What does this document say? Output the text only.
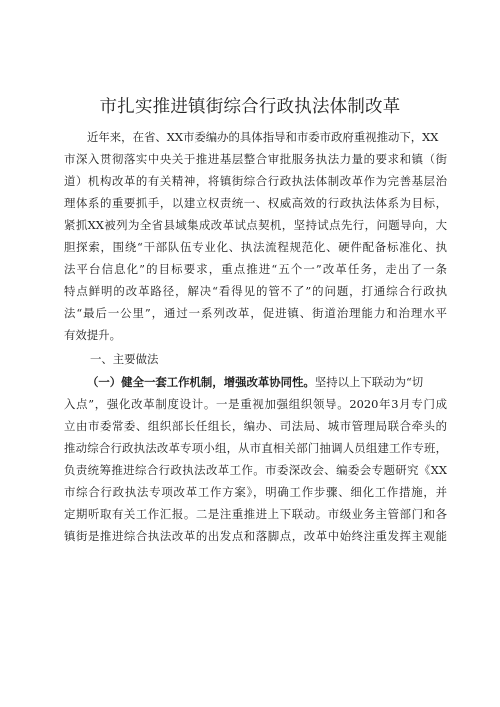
市扎实推进镇街综合行政执法体制改革
近年来，在省、XX市委编办的具体指导和市委市政府重视推动下，XX
市深入贯彻落实中央关于推进基层整合审批服务执法力量的要求和镇（街
道）机构改革的有关精神，将镇街综合行政执法体制改革作为完善基层治
理体系的重要抓手，以建立权责统一、权威高效的行政执法体系为目标，
紧抓XX被列为全省县域集成改革试点契机，坚持试点先行，问题导向，大
胆探索，围绕“干部队伍专业化、执法流程规范化、硬件配备标准化、执
法平台信息化”的目标要求，重点推进“五个一”改革任务，走出了一条
特点鲜明的改革路径，解决“看得见的管不了”的问题，打通综合行政执
法“最后一公里”，通过一系列改革，促进镇、街道治理能力和治理水平
有效提升。
一、主要做法
（一）健全一套工作机制，增强改革协同性。坚持以上下联动为“切
入点”，强化改革制度设计。一是重视加强组织领导。2020年3月专门成
立由市委常委、组织部长任组长，编办、司法局、城市管理局联合牵头的
推动综合行政执法改革专项小组，从市直相关部门抽调人员组建工作专班，
负责统筹推进综合行政执法改革工作。市委深改会、编委会专题研究《XX
市综合行政执法专项改革工作方案》，明确工作步骤、细化工作措施，并
定期听取有关工作汇报。二是注重推进上下联动。市级业务主管部门和各
镇街是推进综合执法改革的出发点和落脚点，改革中始终注重发挥主观能
